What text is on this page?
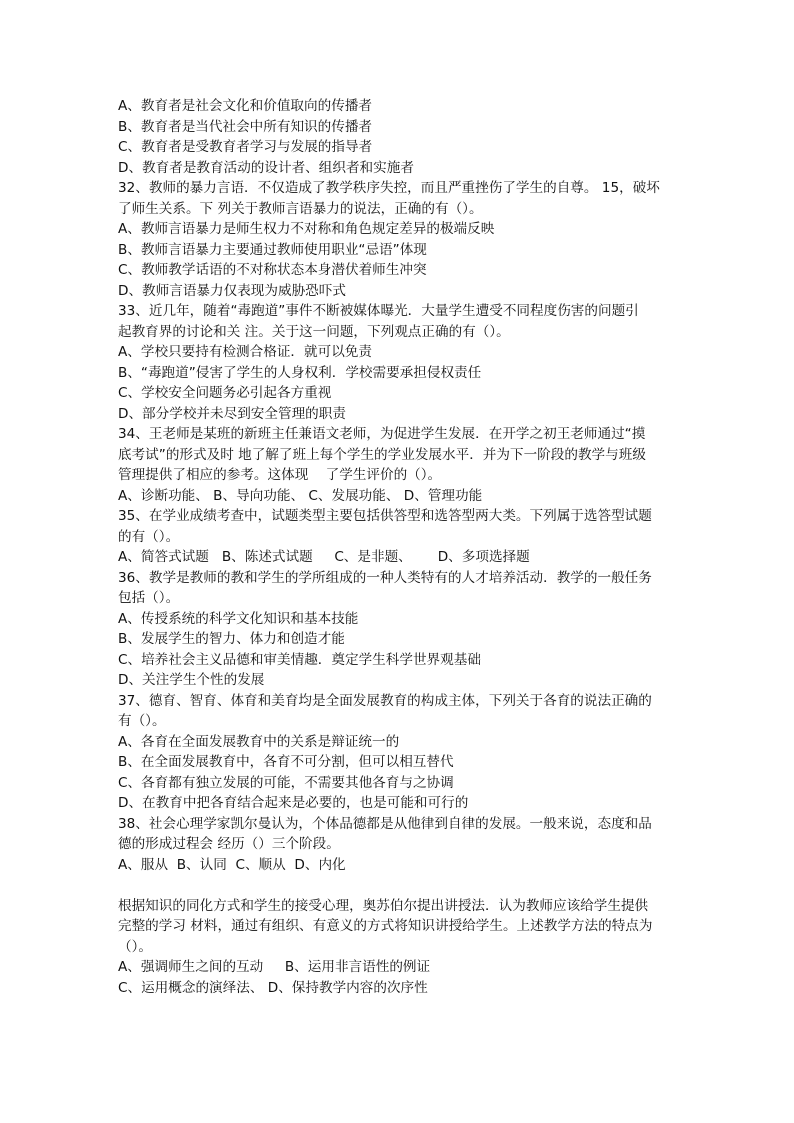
A、教育者是社会文化和价值取向的传播者
B、教育者是当代社会中所有知识的传播者
C、教育者是受教育者学习与发展的指导者
D、教育者是教育活动的设计者、组织者和实施者
32、教师的暴力言语．不仅造成了教学秩序失控，而且严重挫伤了学生的自尊。 15，破坏
了师生关系。下 列关于教师言语暴力的说法，正确的有（）。
A、教师言语暴力是师生权力不对称和角色规定差异的极端反映
B、教师言语暴力主要通过教师使用职业“忌语”体现
C、教师教学话语的不对称状态本身潜伏着师生冲突
D、教师言语暴力仅表现为威胁恐吓式
33、近几年，随着“毒跑道”事件不断被媒体曝光．大量学生遭受不同程度伤害的问题引
起教育界的讨论和关 注。关于这一问题，下列观点正确的有（）。
A、学校只要持有检测合格证．就可以免责
B、“毒跑道”侵害了学生的人身权利．学校需要承担侵权责任
C、学校安全问题务必引起各方重视
D、部分学校并未尽到安全管理的职责
34、王老师是某班的新班主任兼语文老师，为促进学生发展．在开学之初王老师通过“摸
底考试”的形式及时 地了解了班上每个学生的学业发展水平．并为下一阶段的教学与班级
管理提供了相应的参考。这体现    了学生评价的（）。
A、诊断功能、 B、导向功能、 C、发展功能、 D、管理功能
35、在学业成绩考查中，试题类型主要包括供答型和选答型两大类。下列属于选答型试题
的有（）。
A、简答式试题   B、陈述式试题     C、是非题、      D、多项选择题
36、教学是教师的教和学生的学所组成的一种人类特有的人才培养活动．教学的一般任务
包括（）。
A、传授系统的科学文化知识和基本技能
B、发展学生的智力、体力和创造才能
C、培养社会主义品德和审美情趣．奠定学生科学世界观基础
D、关注学生个性的发展
37、德育、智育、体育和美育均是全面发展教育的构成主体，下列关于各育的说法正确的
有（）。
A、各育在全面发展教育中的关系是辩证统一的
B、在全面发展教育中，各育不可分割，但可以相互替代
C、各育都有独立发展的可能，不需要其他各育与之协调
D、在教育中把各育结合起来是必要的，也是可能和可行的
38、社会心理学家凯尔曼认为，个体品德都是从他律到自律的发展。一般来说，态度和品
德的形成过程会 经历（）三个阶段。
A、服从  B、认同  C、顺从  D、内化
根据知识的同化方式和学生的接受心理，奥苏伯尔提出讲授法．认为教师应该给学生提供
完整的学习 材料，通过有组织、有意义的方式将知识讲授给学生。上述教学方法的特点为
（）。
A、强调师生之间的互动     B、运用非言语性的例证
C、运用概念的演绎法、 D、保持教学内容的次序性
